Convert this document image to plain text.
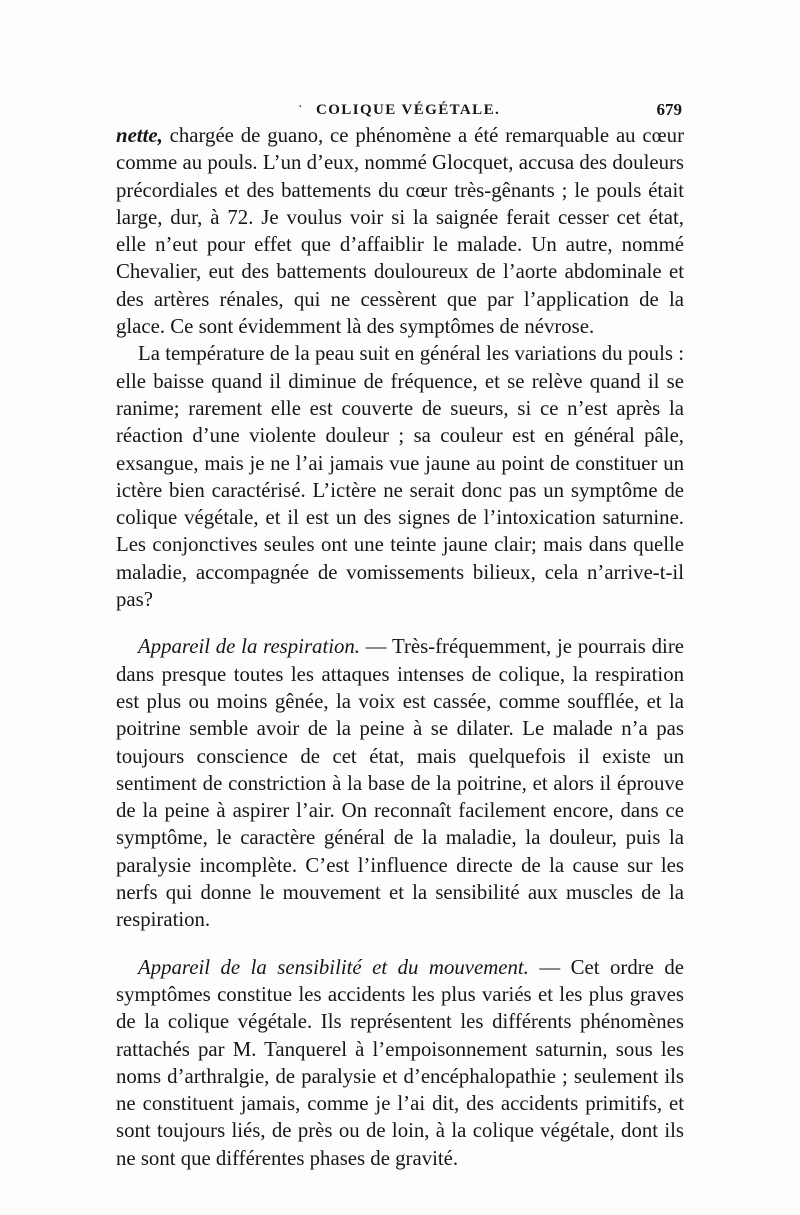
· COLIQUE VÉGÉTALE.	679

nette, chargée de guano, ce phénomène a été remarquable au cœur comme au pouls. L’un d’eux, nommé Glocquet, accusa des douleurs précordiales et des battements du cœur très-gênants ; le pouls était large, dur, à 72. Je voulus voir si la saignée ferait cesser cet état, elle n’eut pour effet que d’affaiblir le malade. Un autre, nommé Chevalier, eut des battements douloureux de l’aorte abdominale et des artères rénales, qui ne cessèrent que par l’application de la glace. Ce sont évidemment là des symptômes de névrose.

La température de la peau suit en général les variations du pouls : elle baisse quand il diminue de fréquence, et se relève quand il se ranime; rarement elle est couverte de sueurs, si ce n’est après la réaction d’une violente douleur ; sa couleur est en général pâle, exsangue, mais je ne l’ai jamais vue jaune au point de constituer un ictère bien caractérisé. L’ictère ne serait donc pas un symptôme de colique végétale, et il est un des signes de l’intoxication saturnine. Les conjonctives seules ont une teinte jaune clair; mais dans quelle maladie, accompagnée de vomissements bilieux, cela n’arrive-t-il pas?

Appareil de la respiration. — Très-fréquemment, je pourrais dire dans presque toutes les attaques intenses de colique, la respiration est plus ou moins gênée, la voix est cassée, comme soufflée, et la poitrine semble avoir de la peine à se dilater. Le malade n’a pas toujours conscience de cet état, mais quelquefois il existe un sentiment de constriction à la base de la poitrine, et alors il éprouve de la peine à aspirer l’air. On reconnaît facilement encore, dans ce symptôme, le caractère général de la maladie, la douleur, puis la paralysie incomplète. C’est l’influence directe de la cause sur les nerfs qui donne le mouvement et la sensibilité aux muscles de la respiration.

Appareil de la sensibilité et du mouvement. — Cet ordre de symptômes constitue les accidents les plus variés et les plus graves de la colique végétale. Ils représentent les différents phénomènes rattachés par M. Tanquerel à l’empoisonnement saturnin, sous les noms d’arthralgie, de paralysie et d’encéphalopathie ; seulement ils ne constituent jamais, comme je l’ai dit, des accidents primitifs, et sont toujours liés, de près ou de loin, à la colique végétale, dont ils ne sont que différentes phases de gravité.
